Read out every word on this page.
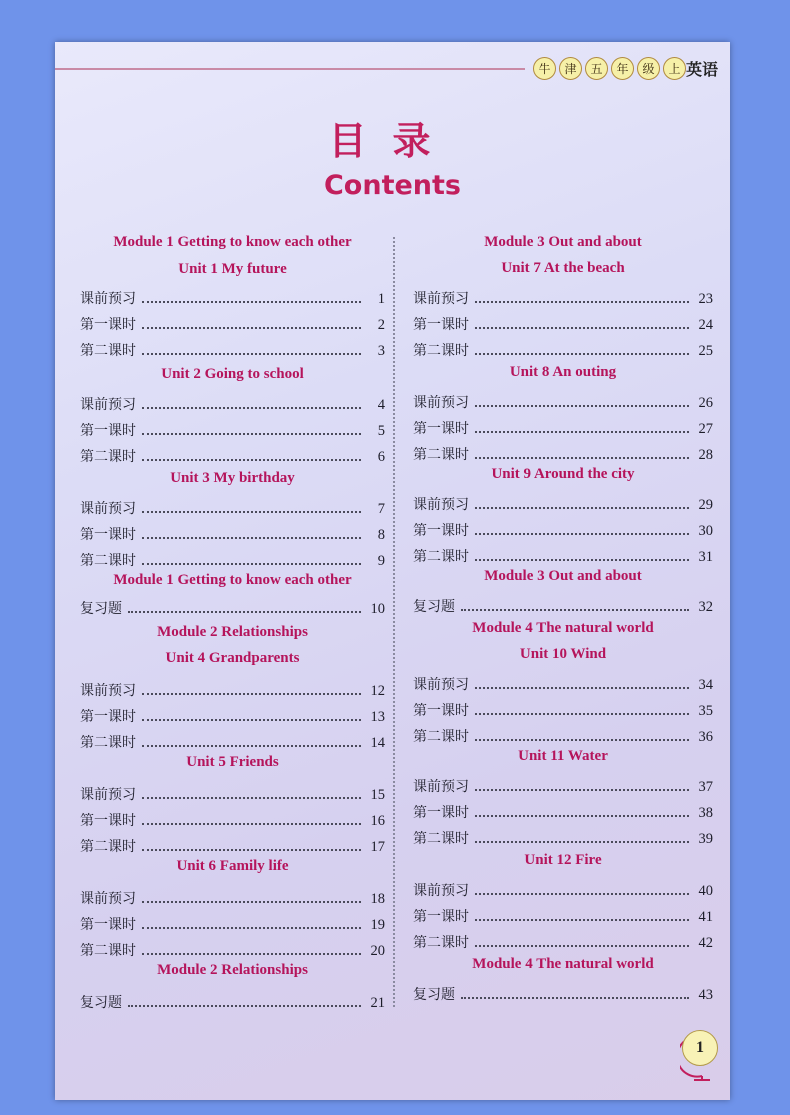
牛	津	五	年	级	上 英语
目录
Contents
Module 1 Getting to know each other
Unit 1 My future
课前预习	1
第一课时	2
第二课时	3
Unit 2 Going to school
课前预习	4
第一课时	5
第二课时	6
Unit 3 My birthday
课前预习	7
第一课时	8
第二课时	9
Module 1 Getting to know each other
复习题	10
Module 2 Relationships
Unit 4 Grandparents
课前预习	12
第一课时	13
第二课时	14
Unit 5 Friends
课前预习	15
第一课时	16
第二课时	17
Unit 6 Family life
课前预习	18
第一课时	19
第二课时	20
Module 2 Relationships
复习题	21
Module 3 Out and about
Unit 7 At the beach
课前预习	23
第一课时	24
第二课时	25
Unit 8 An outing
课前预习	26
第一课时	27
第二课时	28
Unit 9 Around the city
课前预习	29
第一课时	30
第二课时	31
Module 3 Out and about
复习题	32
Module 4 The natural world
Unit 10 Wind
课前预习	34
第一课时	35
第二课时	36
Unit 11 Water
课前预习	37
第一课时	38
第二课时	39
Unit 12 Fire
课前预习	40
第一课时	41
第二课时	42
Module 4 The natural world
复习题	43
1
